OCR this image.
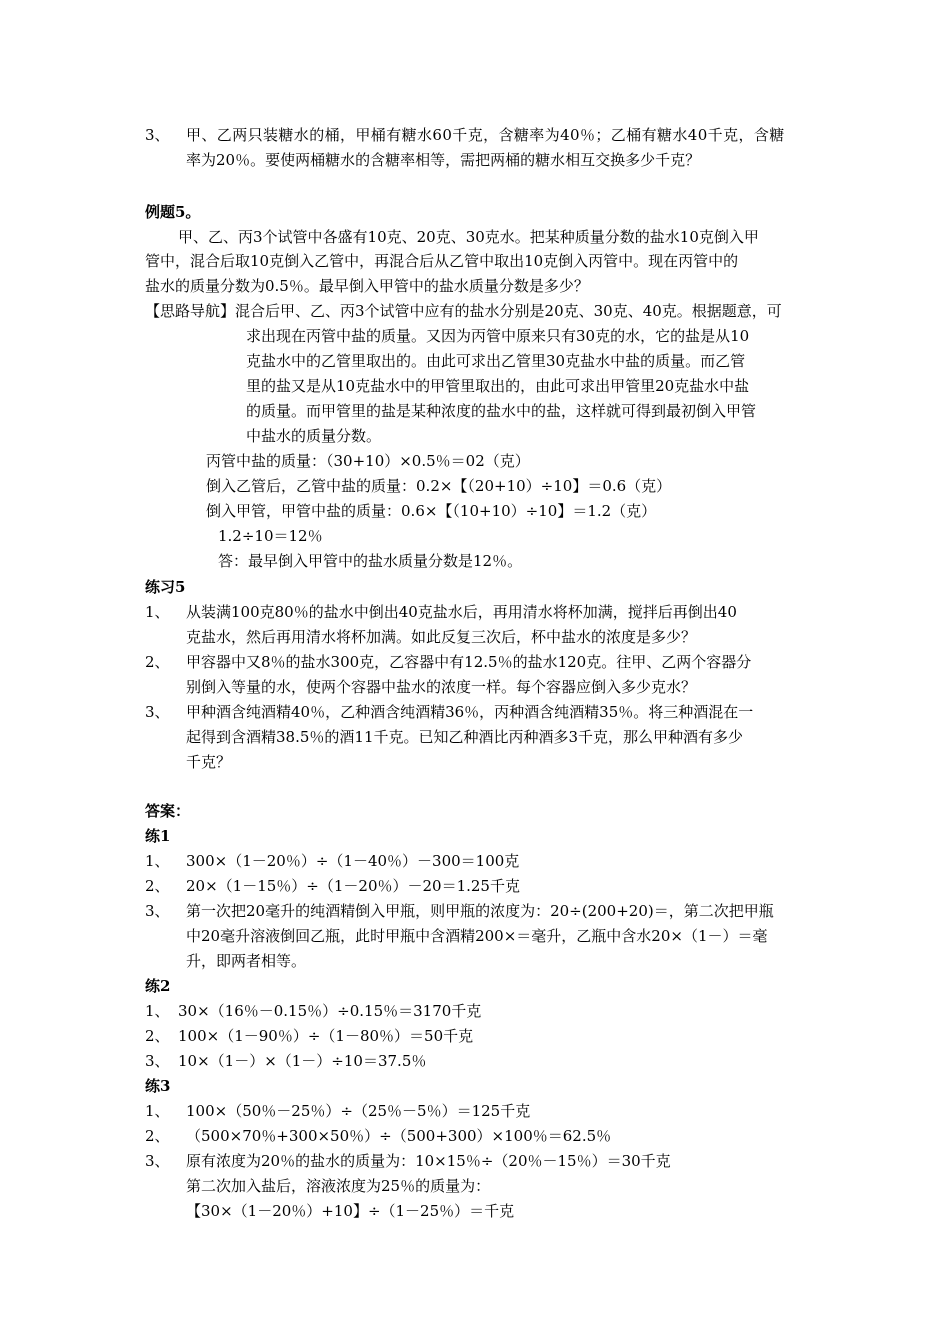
3、 甲、乙两只装糖水的桶，甲桶有糖水60千克，含糖率为40％；乙桶有糖水40千克，含糖
率为20％。要使两桶糖水的含糖率相等，需把两桶的糖水相互交换多少千克？
例题5。
甲、乙、丙3个试管中各盛有10克、20克、30克水。把某种质量分数的盐水10克倒入甲
管中，混合后取10克倒入乙管中，再混合后从乙管中取出10克倒入丙管中。现在丙管中的
盐水的质量分数为0.5％。最早倒入甲管中的盐水质量分数是多少？
【思路导航】混合后甲、乙、丙3个试管中应有的盐水分别是20克、30克、40克。根据题意，可
求出现在丙管中盐的质量。又因为丙管中原来只有30克的水，它的盐是从10
克盐水中的乙管里取出的。由此可求出乙管里30克盐水中盐的质量。而乙管
里的盐又是从10克盐水中的甲管里取出的，由此可求出甲管里20克盐水中盐
的质量。而甲管里的盐是某种浓度的盐水中的盐，这样就可得到最初倒入甲管
中盐水的质量分数。
丙管中盐的质量：（30+10）×0.5％＝02（克）
倒入乙管后，乙管中盐的质量：0.2×【（20+10）÷10】＝0.6（克）
倒入甲管，甲管中盐的质量：0.6×【（10+10）÷10】＝1.2（克）
1.2÷10＝12％
答：最早倒入甲管中的盐水质量分数是12％。
练习5
1、 从装满100克80％的盐水中倒出40克盐水后，再用清水将杯加满，搅拌后再倒出40
克盐水，然后再用清水将杯加满。如此反复三次后，杯中盐水的浓度是多少？
2、 甲容器中又8％的盐水300克，乙容器中有12.5％的盐水120克。往甲、乙两个容器分
别倒入等量的水，使两个容器中盐水的浓度一样。每个容器应倒入多少克水？
3、 甲种酒含纯酒精40％，乙种酒含纯酒精36％，丙种酒含纯酒精35％。将三种酒混在一
起得到含酒精38.5％的酒11千克。已知乙种酒比丙种酒多3千克，那么甲种酒有多少
千克？
答案：
练1
1、 300×（1－20％）÷（1－40％）－300＝100克
2、 20×（1－15％）÷（1－20％）－20＝1.25千克
3、 第一次把20毫升的纯酒精倒入甲瓶，则甲瓶的浓度为：20÷(200+20)＝，第二次把甲瓶
中20毫升溶液倒回乙瓶，此时甲瓶中含酒精200×＝毫升，乙瓶中含水20×（1－）＝毫
升，即两者相等。
练2
1、 30×（16％－0.15％）÷0.15％＝3170千克
2、 100×（1－90％）÷（1－80％）＝50千克
3、 10×（1－）×（1－）÷10＝37.5％
练3
1、 100×（50％－25％）÷（25％－5％）＝125千克
2、 （500×70％+300×50％）÷（500+300）×100％＝62.5％
3、 原有浓度为20％的盐水的质量为：10×15％÷（20％－15％）＝30千克
第二次加入盐后，溶液浓度为25％的质量为：
【30×（1－20％）+10】÷（1－25％）＝千克
